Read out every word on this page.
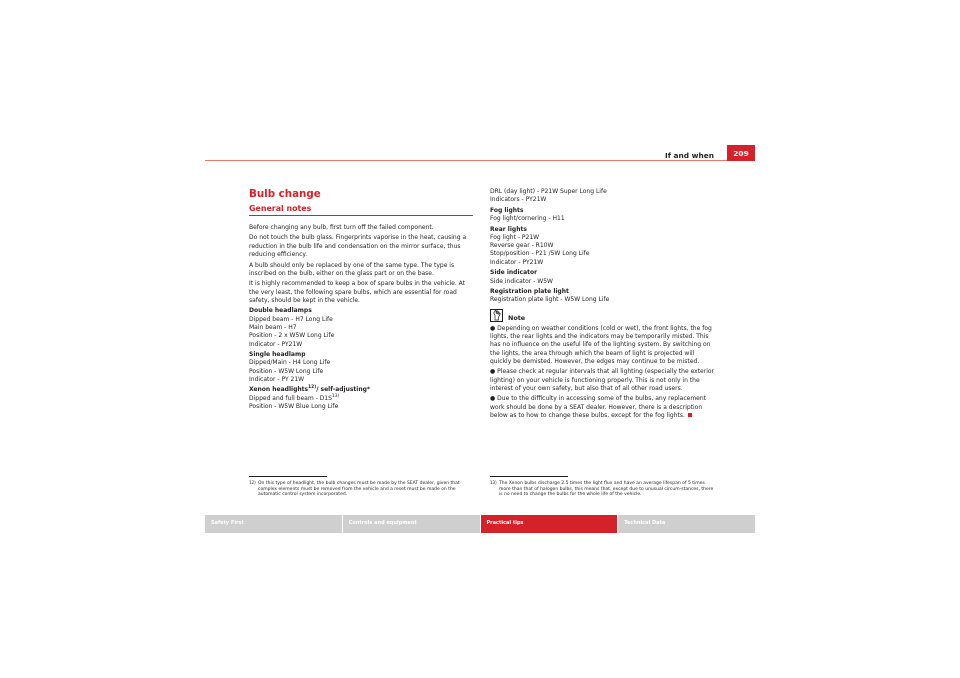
If and when	209
Bulb change
General notes

Before changing any bulb, first turn off the failed component.

Do not touch the bulb glass. Fingerprints vaporise in the heat, causing a reduction in the bulb life and condensation on the mirror surface, thus reducing efficiency.

A bulb should only be replaced by one of the same type. The type is inscribed on the bulb, either on the glass part or on the base.

It is highly recommended to keep a box of spare bulbs in the vehicle. At the very least, the following spare bulbs, which are essential for road safety, should be kept in the vehicle.

Double headlamps
Dipped beam - H7 Long Life
Main beam - H7
Position - 2 x W5W Long Life
Indicator - PY21W
Single headlamp
Dipped/Main - H4 Long Life
Position - W5W Long Life
Indicator - PY 21W
Xenon headlights$^{12)}$/ self-adjusting*
Dipped and full beam - $D1S^{13)}$
Position - W5W Blue Long Life
DRL (day light) - P21W Super Long Life
Indicators - PY21W
Fog lights
Fog light/cornering - H11
Rear lights
Fog light - P21W
Reverse gear - R10W
Stop/position - P21 /5W Long Life
Indicator - PY21W
Side indicator
Side indicator - W5W
Registration plate light
Registration plate light - W5W Long Life
Note
● Depending on weather conditions (cold or wet), the front lights, the fog lights, the rear lights and the indicators may be temporarily misted. This has no influence on the useful life of the lighting system. By switching on the lights, the area through which the beam of light is projected will quickly be demisted. However, the edges may continue to be misted.
● Please check at regular intervals that all lighting (especially the exterior lighting) on your vehicle is functioning properly. This is not only in the interest of your own safety, but also that of all other road users.
● Due to the difficulty in accessing some of the bulbs, any replacement work should be done by a SEAT dealer. However, there is a description below as to how to change these bulbs, except for the fog lights.
12) On this type of headlight, the bulb changes must be made by the SEAT dealer, given that complex elements must be removed from the vehicle and a reset must be made on the automatic control system incorporated.
13) The Xenon bulbs discharge 2.5 times the light flux and have an average lifespan of 5 times more than that of halogen bulbs, this means that, except due to unusual circum-stances, there is no need to change the bulbs for the whole life of the vehicle.
Safety First	Controls and equipment	Practical tips	Technical Data
